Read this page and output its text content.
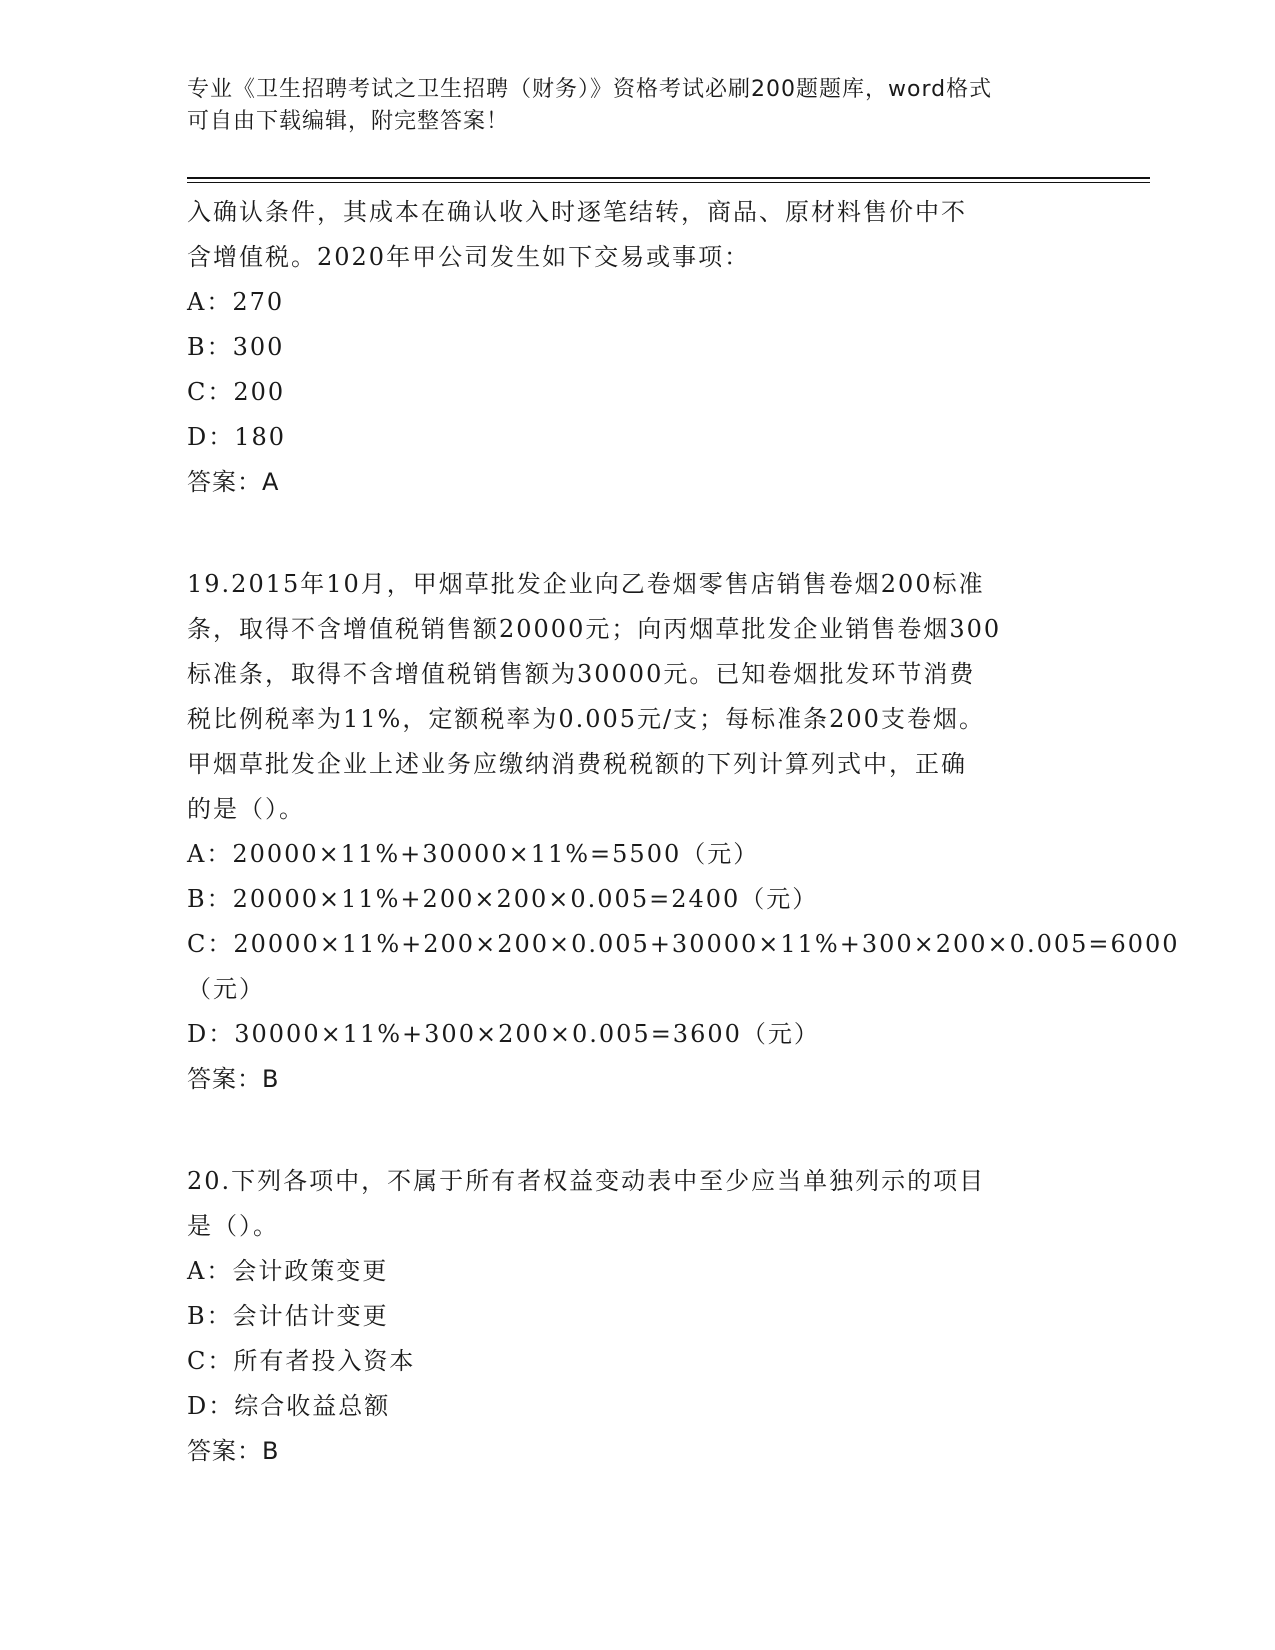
专业《卫生招聘考试之卫生招聘（财务）》资格考试必刷200题题库，word格式
可自由下载编辑，附完整答案！
入确认条件，其成本在确认收入时逐笔结转，商品、原材料售价中不
含增值税。2020年甲公司发生如下交易或事项：
A：270
B：300
C：200
D：180
答案：A
19.2015年10月，甲烟草批发企业向乙卷烟零售店销售卷烟200标准
条，取得不含增值税销售额20000元；向丙烟草批发企业销售卷烟300
标准条，取得不含增值税销售额为30000元。已知卷烟批发环节消费
税比例税率为11%，定额税率为0.005元/支；每标准条200支卷烟。
甲烟草批发企业上述业务应缴纳消费税税额的下列计算列式中，正确
的是（）。
A：20000×11%+30000×11%=5500（元）
B：20000×11%+200×200×0.005=2400（元）
C：20000×11%+200×200×0.005+30000×11%+300×200×0.005=6000
（元）
D：30000×11%+300×200×0.005=3600（元）
答案：B
20.下列各项中，不属于所有者权益变动表中至少应当单独列示的项目
是（）。
A：会计政策变更
B：会计估计变更
C：所有者投入资本
D：综合收益总额
答案：B
